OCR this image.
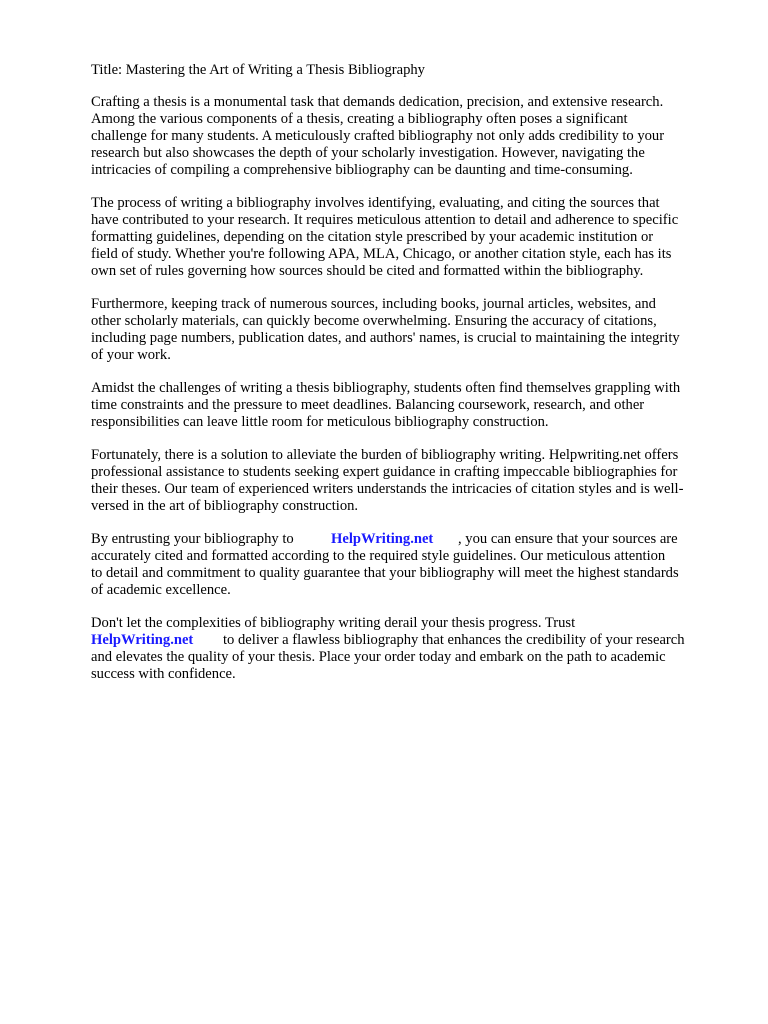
Title: Mastering the Art of Writing a Thesis Bibliography

Crafting a thesis is a monumental task that demands dedication, precision, and extensive research.

Among the various components of a thesis, creating a bibliography often poses a significant

challenge for many students. A meticulously crafted bibliography not only adds credibility to your

research but also showcases the depth of your scholarly investigation. However, navigating the

intricacies of compiling a comprehensive bibliography can be daunting and time-consuming.

The process of writing a bibliography involves identifying, evaluating, and citing the sources that

have contributed to your research. It requires meticulous attention to detail and adherence to specific

formatting guidelines, depending on the citation style prescribed by your academic institution or

field of study. Whether you're following APA, MLA, Chicago, or another citation style, each has its

own set of rules governing how sources should be cited and formatted within the bibliography.

Furthermore, keeping track of numerous sources, including books, journal articles, websites, and

other scholarly materials, can quickly become overwhelming. Ensuring the accuracy of citations,

including page numbers, publication dates, and authors' names, is crucial to maintaining the integrity

of your work.

Amidst the challenges of writing a thesis bibliography, students often find themselves grappling with

time constraints and the pressure to meet deadlines. Balancing coursework, research, and other

responsibilities can leave little room for meticulous bibliography construction.

Fortunately, there is a solution to alleviate the burden of bibliography writing. Helpwriting.net offers

professional assistance to students seeking expert guidance in crafting impeccable bibliographies for

their theses. Our team of experienced writers understands the intricacies of citation styles and is well-

versed in the art of bibliography construction.

By entrusting your bibliography to	HelpWriting.net , you can ensure that your sources are

accurately cited and formatted according to the required style guidelines. Our meticulous attention

to detail and commitment to quality guarantee that your bibliography will meet the highest standards

of academic excellence.

Don't let the complexities of bibliography writing derail your thesis progress. Trust

HelpWriting.net to deliver a flawless bibliography that enhances the credibility of your research

and elevates the quality of your thesis. Place your order today and embark on the path to academic

success with confidence.
